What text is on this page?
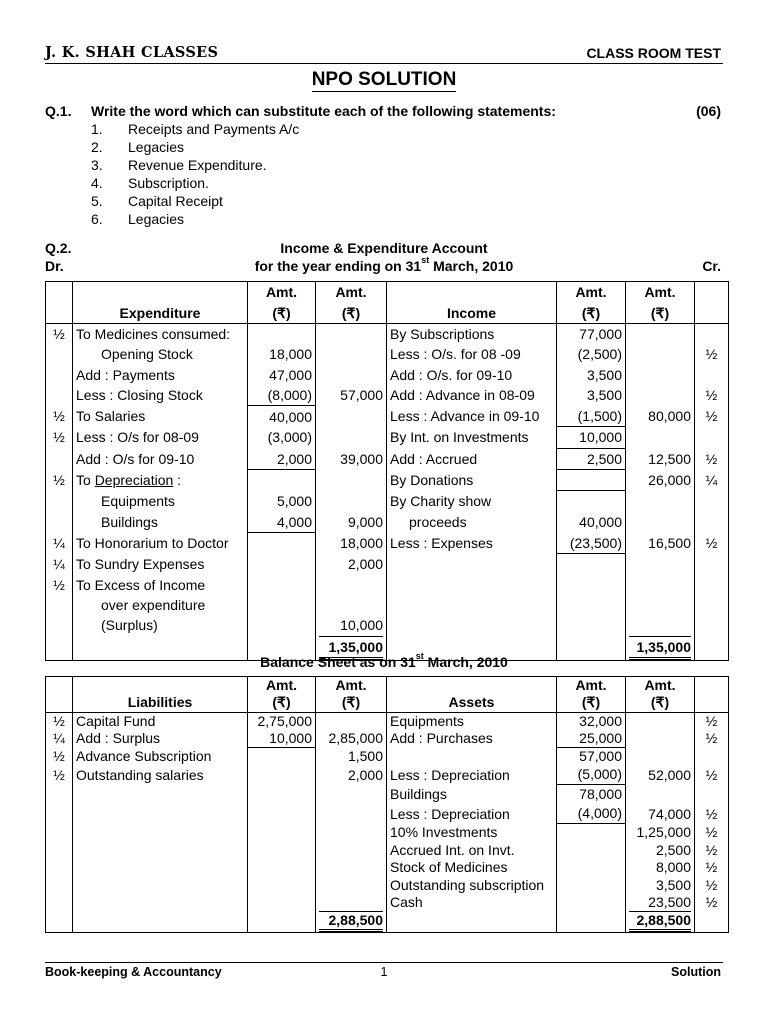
J. K. SHAH CLASSES	CLASS ROOM TEST
NPO SOLUTION
Q.1. Write the word which can substitute each of the following statements:	(06)
1. Receipts and Payments A/c
2. Legacies
3. Revenue Expenditure.
4. Subscription.
5. Capital Receipt
6. Legacies
Q.2.	Income & Expenditure Account
Dr.	for the year ending on 31st March, 2010	Cr.
		Amt.	Amt.		Amt.	Amt.	
	Expenditure	(₹)	(₹)	Income	(₹)	(₹)	
½	To Medicines consumed:			By Subscriptions	77,000		
	Opening Stock	18,000		Less : O/s. for 08 -09	(2,500)		½
	Add : Payments	47,000		Add : O/s. for 09-10	3,500		
	Less : Closing Stock	(8,000)	57,000	Add : Advance in 08-09	3,500		½
½	To Salaries	40,000		Less : Advance in 09-10	(1,500)	80,000	½
½	Less : O/s for 08-09	(3,000)		By Int. on Investments	10,000		
	Add : O/s for 09-10	2,000	39,000	Add : Accrued	2,500	12,500	½
½	To Depreciation :			By Donations		26,000	¼
	Equipments	5,000		By Charity show			
	Buildings	4,000	9,000	proceeds	40,000		
¼	To Honorarium to Doctor		18,000	Less : Expenses	(23,500)	16,500	½
¼	To Sundry Expenses		2,000				
½	To Excess of Income						
	over expenditure						
	(Surplus)		10,000				

			1,35,000			1,35,000	

Balance Sheet as on 31st March, 2010
		Amt.	Amt.		Amt.	Amt.	
	Liabilities	(₹)	(₹)	Assets	(₹)	(₹)	
½	Capital Fund	2,75,000		Equipments	32,000		½
¼	Add : Surplus	10,000	2,85,000	Add : Purchases	25,000		½
½	Advance Subscription		1,500		57,000		
½	Outstanding salaries		2,000	Less : Depreciation	(5,000)	52,000	½
				Buildings	78,000		
				Less : Depreciation	(4,000)	74,000	½
				10% Investments		1,25,000	½
				Accrued Int. on Invt.		2,500	½
				Stock of Medicines		8,000	½
				Outstanding subscription		3,500	½
				Cash		23,500	½

			2,88,500			2,88,500	

Book-keeping & Accountancy	1	Solution
